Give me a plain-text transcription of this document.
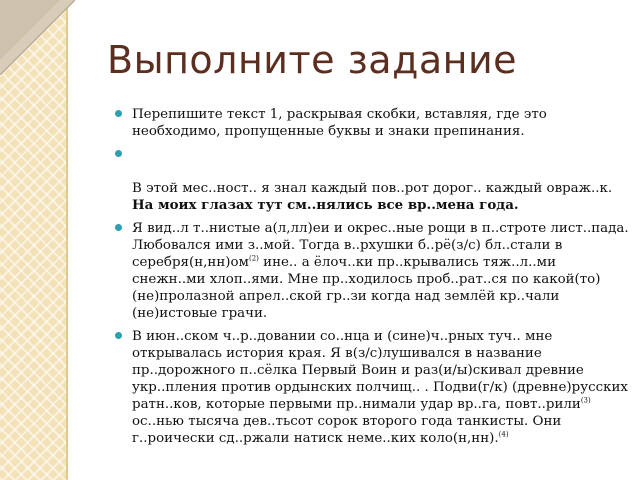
Выполните задание
Перепишите текст 1, раскрывая скобки, вставляя, где это необходимо, пропущенные буквы и знаки препинания.

В этой мес..ност.. я знал каждый пов..рот дорог.. каждый овраж..к. На моих глазах тут см..нялись все вр..мена года.
Я вид..л т..нистые а(л,лл)еи и окрес..ные рощи в п..строте лист..пада. Любовался ими з..мой. Тогда в..рхушки б..рё(з/с) бл..стали в серебря(н,нн)ом$^{(2)}$ ине.. а ёлоч..ки пр..крывались тяж..л..ми снежн..ми хлоп..ями. Мне пр..ходилось проб..рат..ся по какой(то) (не)пролазной апрел..ской гр..зи когда над землёй кр..чали (не)истовые грачи.
В июн..ском ч..р..довании со..нца и (сине)ч..рных туч.. мне открывалась история края. Я в(з/с)лушивался в название пр..дорожного п..сёлка Первый Воин и раз(и/ы)скивал древние укр..пления против ордынских полчищ.. . Подви(г/к) (древне)русских ратн..ков, которые первыми пр..нимали удар вр..га, повт..рили$^{(3)}$ ос..нью тысяча дев..тьсот сорок второго года танкисты. Они г..роически сд..ржали натиск неме..ких коло(н,нн).$^{(4)}$
